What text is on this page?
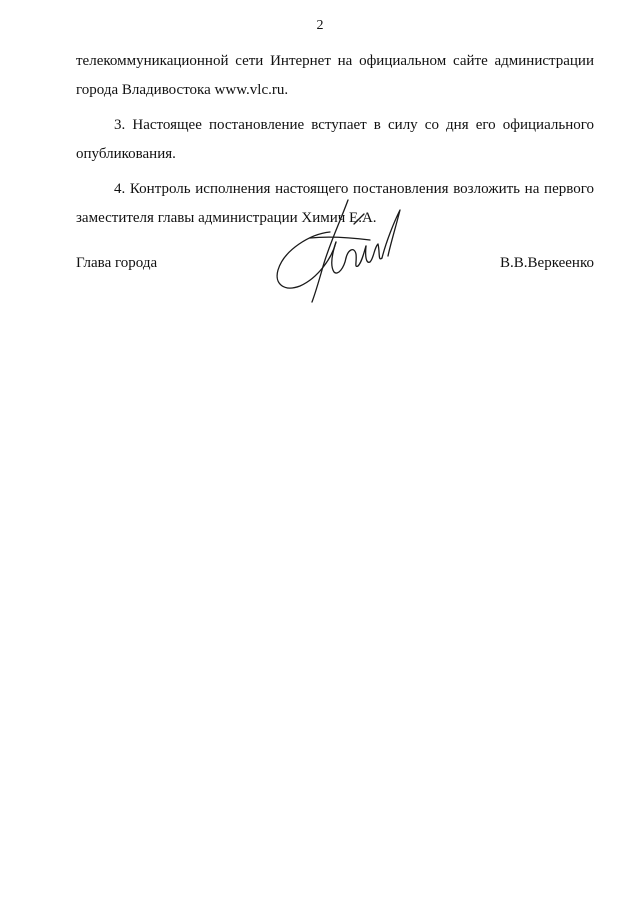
2

телекоммуникационной сети Интернет на официальном сайте администрации города Владивостока www.vlc.ru.

3. Настоящее постановление вступает в силу со дня его официального опубликования.

4. Контроль исполнения настоящего постановления возложить на первого заместителя главы администрации Химич Е.А.

Глава города	В.В.Веркеенко
